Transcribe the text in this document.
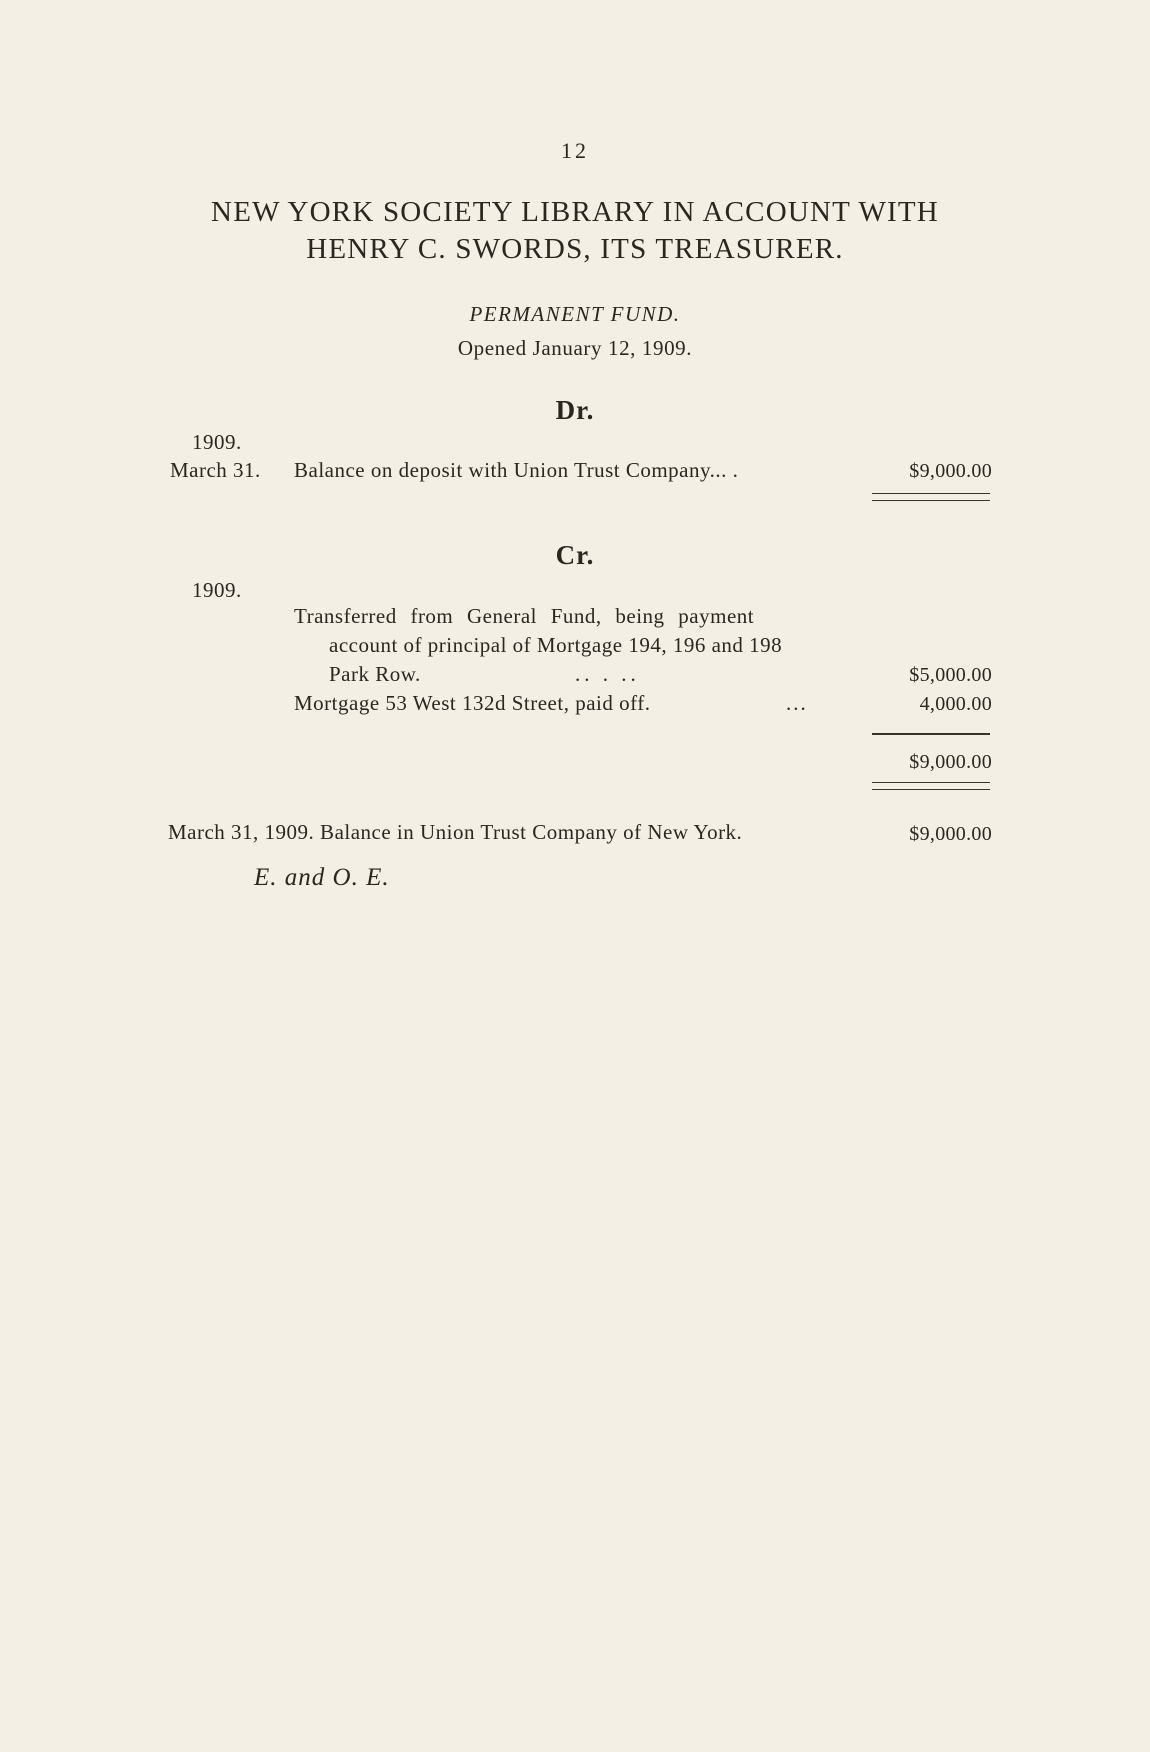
12
NEW YORK SOCIETY LIBRARY IN ACCOUNT WITH
HENRY C. SWORDS, ITS TREASURER.
PERMANENT FUND.
Opened January 12, 1909.
Dr.
1909.
March 31. Balance on deposit with Union Trust Company... .	$9,000.00
Cr.
1909.
Transferred from General Fund, being payment
account of principal of Mortgage 194, 196 and 198
Park Row.	.. . ..	$5,000.00
Mortgage 53 West 132d Street, paid off.	...	4,000.00
$9,000.00
March 31, 1909. Balance in Union Trust Company of New York.	$9,000.00
E. and O. E.
